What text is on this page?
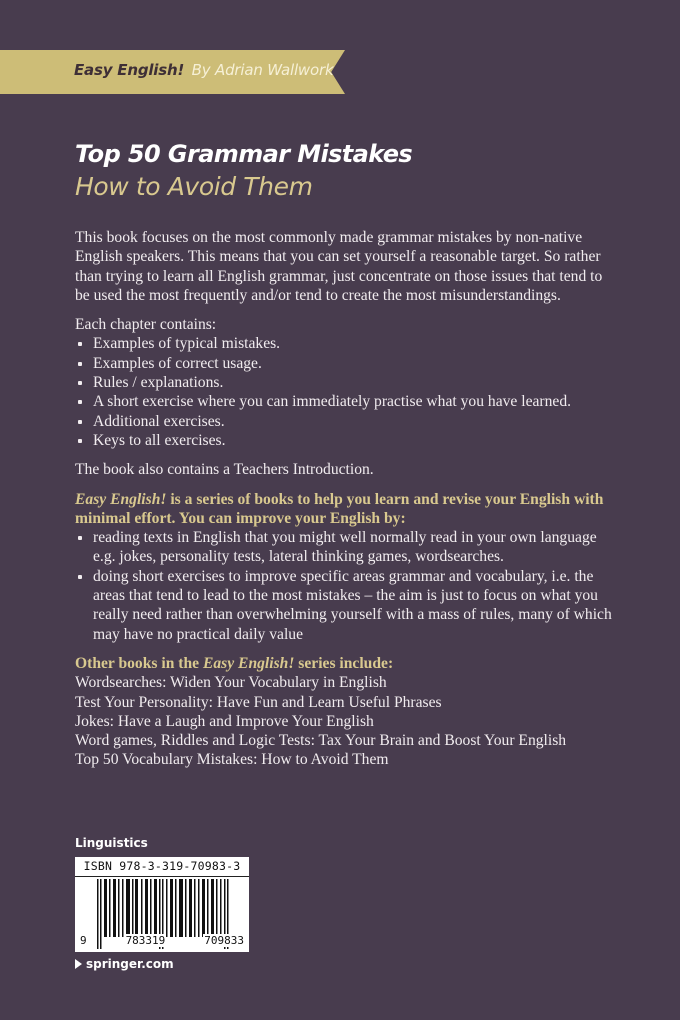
Easy English! By Adrian Wallwork
Top 50 Grammar Mistakes
How to Avoid Them

This book focuses on the most commonly made grammar mistakes by non-native English speakers. This means that you can set yourself a reasonable target. So rather than trying to learn all English grammar, just concentrate on those issues that tend to be used the most frequently and/or tend to create the most misunderstandings.

Each chapter contains:

Examples of typical mistakes.
Examples of correct usage.
Rules / explanations.
A short exercise where you can immediately practise what you have learned.
Additional exercises.
Keys to all exercises.

The book also contains a Teachers Introduction.

Easy English! is a series of books to help you learn and revise your English with minimal effort. You can improve your English by:

reading texts in English that you might well normally read in your own language e.g. jokes, personality tests, lateral thinking games, wordsearches.
doing short exercises to improve specific areas grammar and vocabulary, i.e. the areas that tend to lead to the most mistakes – the aim is just to focus on what you really need rather than overwhelming yourself with a mass of rules, many of which may have no practical daily value

Other books in the Easy English! series include:

Wordsearches: Widen Your Vocabulary in English
Test Your Personality: Have Fun and Learn Useful Phrases
Jokes: Have a Laugh and Improve Your English
Word games, Riddles and Logic Tests: Tax Your Brain and Boost Your English
Top 50 Vocabulary Mistakes: How to Avoid Them
Linguistics
ISBN 978-3-319-70983-3
9	783319	709833
springer.com
